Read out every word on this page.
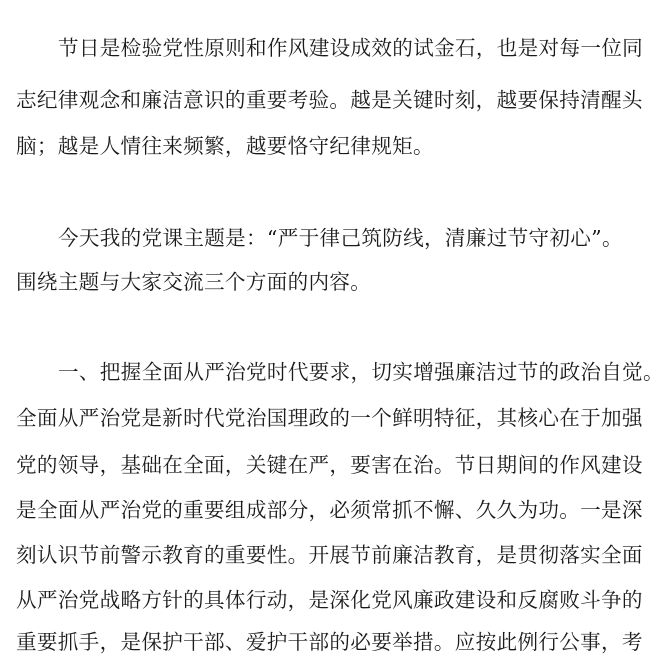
节日是检验党性原则和作风建设成效的试金石，也是对每一位同
志纪律观念和廉洁意识的重要考验。越是关键时刻，越要保持清醒头
脑；越是人情往来频繁，越要恪守纪律规矩。
今天我的党课主题是：“严于律己筑防线，清廉过节守初心”。
围绕主题与大家交流三个方面的内容。
一、把握全面从严治党时代要求，切实增强廉洁过节的政治自觉。
全面从严治党是新时代党治国理政的一个鲜明特征，其核心在于加强
党的领导，基础在全面，关键在严，要害在治。节日期间的作风建设
是全面从严治党的重要组成部分，必须常抓不懈、久久为功。一是深
刻认识节前警示教育的重要性。开展节前廉洁教育，是贯彻落实全面
从严治党战略方针的具体行动，是深化党风廉政建设和反腐败斗争的
重要抓手，是保护干部、爱护干部的必要举措。应按此例行公事，考
